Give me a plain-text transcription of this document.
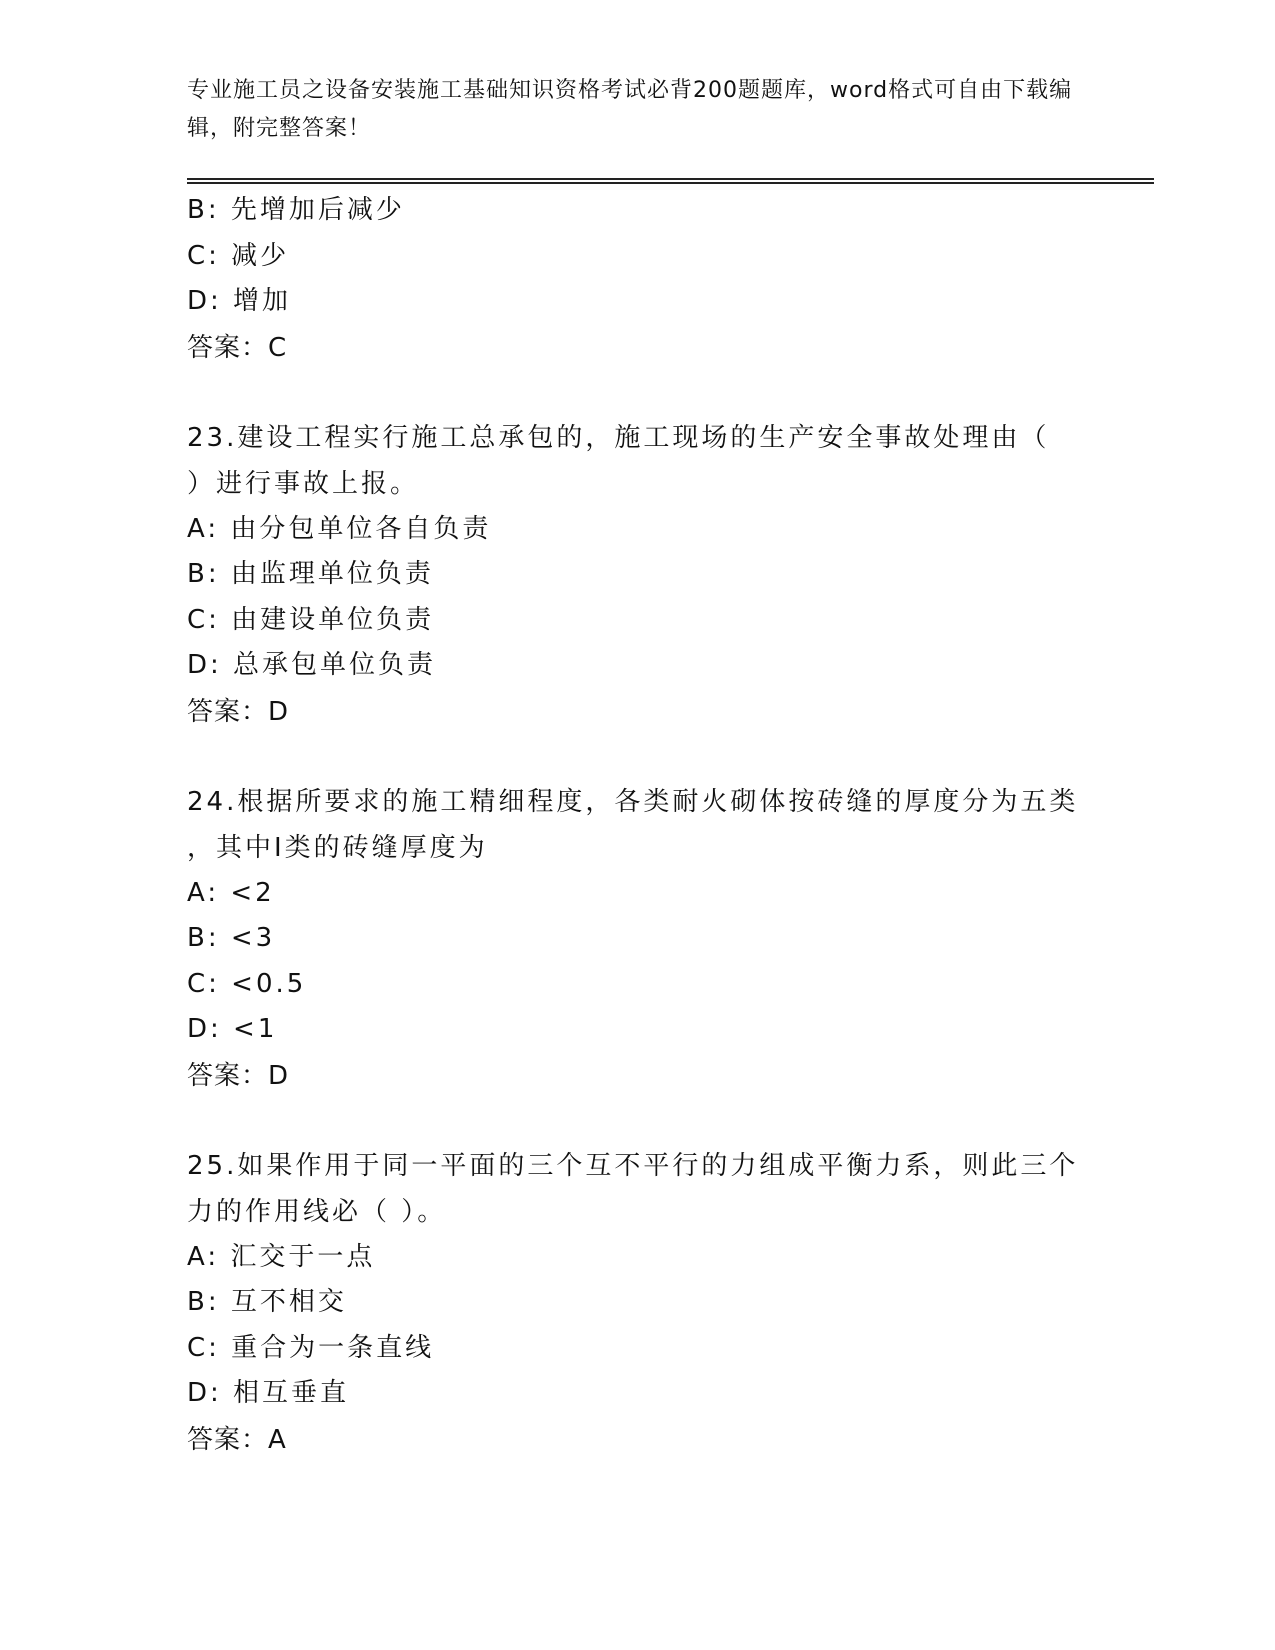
专业施工员之设备安装施工基础知识资格考试必背200题题库，word格式可自由下载编辑，附完整答案！
B: 先增加后减少
C: 减少
D: 增加
答案：C
23.建设工程实行施工总承包的，施工现场的生产安全事故处理由（
）进行事故上报。
A: 由分包单位各自负责
B: 由监理单位负责
C: 由建设单位负责
D: 总承包单位负责
答案：D
24.根据所要求的施工精细程度，各类耐火砌体按砖缝的厚度分为五类
，其中Ⅰ类的砖缝厚度为
A: <2
B: <3
C: <0.5
D: <1
答案：D
25.如果作用于同一平面的三个互不平行的力组成平衡力系，则此三个
力的作用线必（ ）。
A: 汇交于一点
B: 互不相交
C: 重合为一条直线
D: 相互垂直
答案：A
